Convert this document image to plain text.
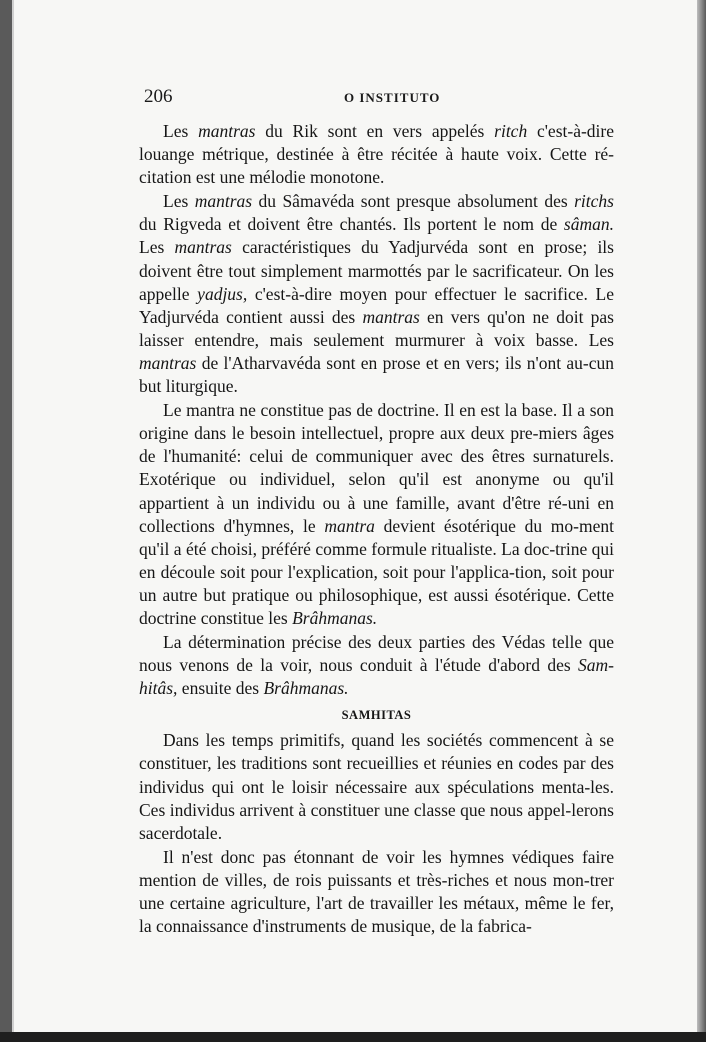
206	O INSTITUTO

Les mantras du Rik sont en vers appelés ritch c'est-à-dire louange métrique, destinée à être récitée à haute voix. Cette ré-citation est une mélodie monotone.

Les mantras du Sâmavéda sont presque absolument des ritchs du Rigveda et doivent être chantés. Ils portent le nom de sâman. Les mantras caractéristiques du Yadjurvéda sont en prose; ils doivent être tout simplement marmottés par le sacrificateur. On les appelle yadjus, c'est-à-dire moyen pour effectuer le sacrifice. Le Yadjurvéda contient aussi des mantras en vers qu'on ne doit pas laisser entendre, mais seulement murmurer à voix basse. Les mantras de l'Atharvavéda sont en prose et en vers; ils n'ont au-cun but liturgique.

Le mantra ne constitue pas de doctrine. Il en est la base. Il a son origine dans le besoin intellectuel, propre aux deux pre-miers âges de l'humanité: celui de communiquer avec des êtres surnaturels. Exotérique ou individuel, selon qu'il est anonyme ou qu'il appartient à un individu ou à une famille, avant d'être ré-uni en collections d'hymnes, le mantra devient ésotérique du mo-ment qu'il a été choisi, préféré comme formule ritualiste. La doc-trine qui en découle soit pour l'explication, soit pour l'applica-tion, soit pour un autre but pratique ou philosophique, est aussi ésotérique. Cette doctrine constitue les Brâhmanas.

La détermination précise des deux parties des Védas telle que nous venons de la voir, nous conduit à l'étude d'abord des Sam-hitâs, ensuite des Brâhmanas.

SAMHITAS

Dans les temps primitifs, quand les sociétés commencent à se constituer, les traditions sont recueillies et réunies en codes par des individus qui ont le loisir nécessaire aux spéculations menta-les. Ces individus arrivent à constituer une classe que nous appel-lerons sacerdotale.

Il n'est donc pas étonnant de voir les hymnes védiques faire mention de villes, de rois puissants et très-riches et nous mon-trer une certaine agriculture, l'art de travailler les métaux, même le fer, la connaissance d'instruments de musique, de la fabrica-
